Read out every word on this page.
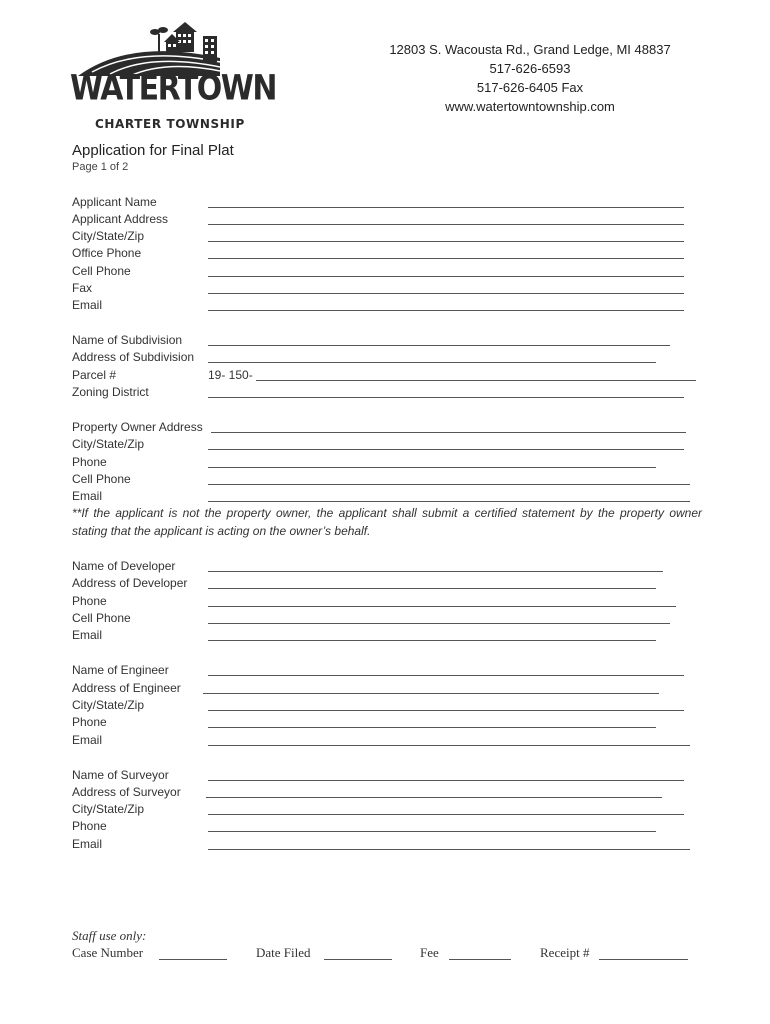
WATERTOWN
CHARTER TOWNSHIP
12803 S. Wacousta Rd., Grand Ledge, MI 48837
517-626-6593
517-626-6405 Fax
www.watertowntownship.com
Application for Final Plat
Page 1 of 2
Applicant Name
Applicant Address
City/State/Zip
Office Phone
Cell Phone
Fax
Email
Name of Subdivision
Address of Subdivision
Parcel #	19- 150-
Zoning District
Property Owner Address
City/State/Zip
Phone
Cell Phone
Email
**If the applicant is not the property owner, the applicant shall submit a certified statement by the property owner stating that the applicant is acting on the owner’s behalf.
Name of Developer
Address of Developer
Phone
Cell Phone
Email
Name of Engineer
Address of Engineer
City/State/Zip
Phone
Email
Name of Surveyor
Address of Surveyor
City/State/Zip
Phone
Email
Staff use only:
Case Number	Date Filed	Fee	Receipt #
